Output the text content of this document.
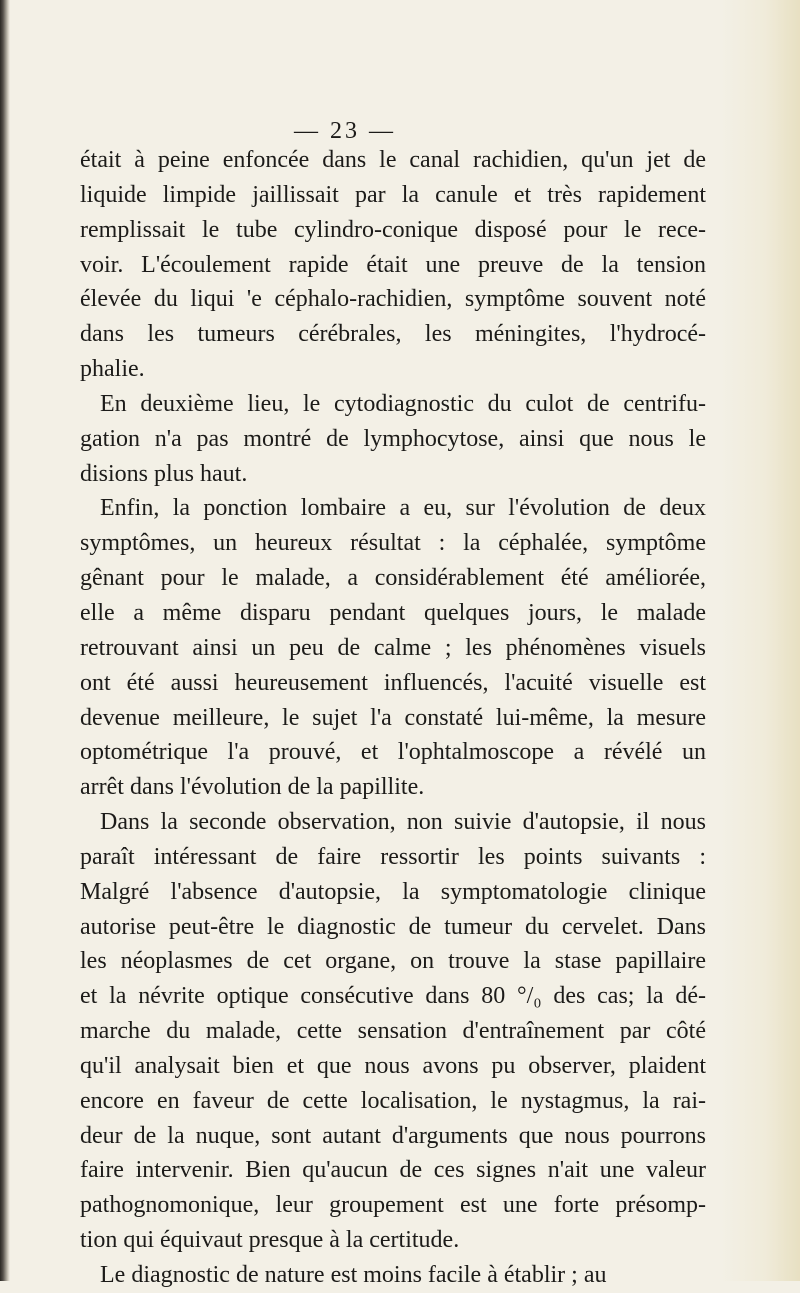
— 23 —
était à peine enfoncée dans le canal rachidien, qu'un jet de
liquide limpide jaillissait par la canule et très rapidement
remplissait le tube cylindro-conique disposé pour le rece-
voir. L'écoulement rapide était une preuve de la tension
élevée du liqui 'e céphalo-rachidien, symptôme souvent noté
dans les tumeurs cérébrales, les méningites, l'hydrocé-
phalie.
En deuxième lieu, le cytodiagnostic du culot de centrifu-
gation n'a pas montré de lymphocytose, ainsi que nous le
disions plus haut.
Enfin, la ponction lombaire a eu, sur l'évolution de deux
symptômes, un heureux résultat : la céphalée, symptôme
gênant pour le malade, a considérablement été améliorée,
elle a même disparu pendant quelques jours, le malade
retrouvant ainsi un peu de calme ; les phénomènes visuels
ont été aussi heureusement influencés, l'acuité visuelle est
devenue meilleure, le sujet l'a constaté lui-même, la mesure
optométrique l'a prouvé, et l'ophtalmoscope a révélé un
arrêt dans l'évolution de la papillite.
Dans la seconde observation, non suivie d'autopsie, il nous
paraît intéressant de faire ressortir les points suivants :
Malgré l'absence d'autopsie, la symptomatologie clinique
autorise peut-être le diagnostic de tumeur du cervelet. Dans
les néoplasmes de cet organe, on trouve la stase papillaire
et la névrite optique consécutive dans 80 °/₀ des cas; la dé-
marche du malade, cette sensation d'entraînement par côté
qu'il analysait bien et que nous avons pu observer, plaident
encore en faveur de cette localisation, le nystagmus, la rai-
deur de la nuque, sont autant d'arguments que nous pourrons
faire intervenir. Bien qu'aucun de ces signes n'ait une valeur
pathognomonique, leur groupement est une forte présomp-
tion qui équivaut presque à la certitude.
Le diagnostic de nature est moins facile à établir ; au
